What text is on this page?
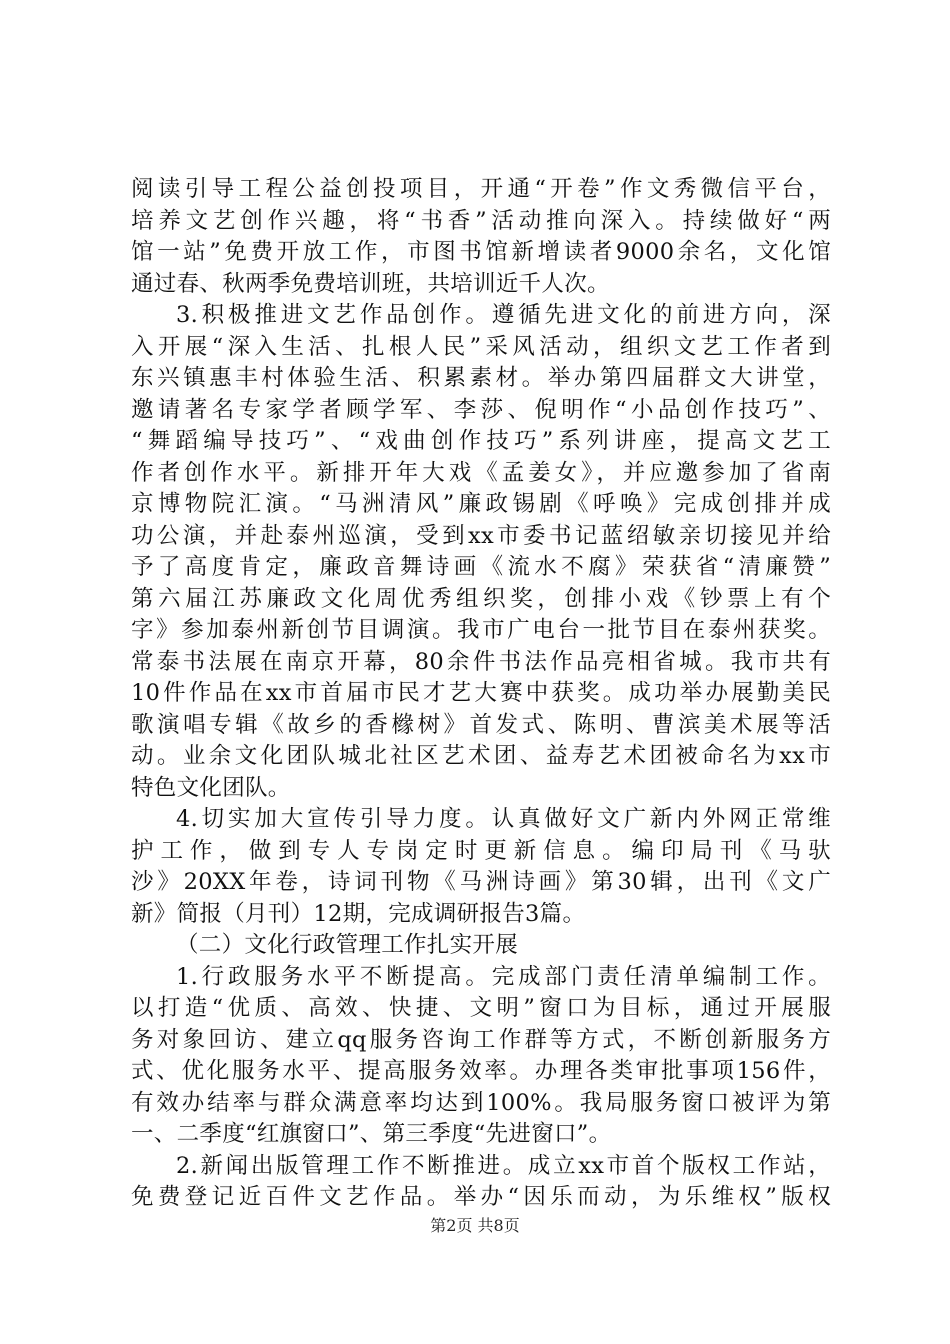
阅读引导工程公益创投项目，开通“开卷”作文秀微信平台，
培养文艺创作兴趣，将“书香”活动推向深入。持续做好“两
馆一站”免费开放工作，市图书馆新增读者9000余名，文化馆
通过春、秋两季免费培训班，共培训近千人次。
3.积极推进文艺作品创作。遵循先进文化的前进方向，深
入开展“深入生活、扎根人民”采风活动，组织文艺工作者到
东兴镇惠丰村体验生活、积累素材。举办第四届群文大讲堂，
邀请著名专家学者顾学军、李莎、倪明作“小品创作技巧”、
“舞蹈编导技巧”、“戏曲创作技巧”系列讲座，提高文艺工
作者创作水平。新排开年大戏《孟姜女》，并应邀参加了省南
京博物院汇演。“马洲清风”廉政锡剧《呼唤》完成创排并成
功公演，并赴泰州巡演，受到xx市委书记蓝绍敏亲切接见并给
予了高度肯定，廉政音舞诗画《流水不腐》荣获省“清廉赞”
第六届江苏廉政文化周优秀组织奖，创排小戏《钞票上有个
字》参加泰州新创节目调演。我市广电台一批节目在泰州获奖。
常泰书法展在南京开幕，80余件书法作品亮相省城。我市共有
10件作品在xx市首届市民才艺大赛中获奖。成功举办展勤美民
歌演唱专辑《故乡的香橼树》首发式、陈明、曹滨美术展等活
动。业余文化团队城北社区艺术团、益寿艺术团被命名为xx市
特色文化团队。
4.切实加大宣传引导力度。认真做好文广新内外网正常维
护工作，做到专人专岗定时更新信息。编印局刊《马驮
沙》20XX年卷，诗词刊物《马洲诗画》第30辑，出刊《文广
新》简报（月刊）12期，完成调研报告3篇。
（二）文化行政管理工作扎实开展
1.行政服务水平不断提高。完成部门责任清单编制工作。
以打造“优质、高效、快捷、文明”窗口为目标，通过开展服
务对象回访、建立qq服务咨询工作群等方式，不断创新服务方
式、优化服务水平、提高服务效率。办理各类审批事项156件，
有效办结率与群众满意率均达到100%。我局服务窗口被评为第
一、二季度“红旗窗口”、第三季度“先进窗口”。
2.新闻出版管理工作不断推进。成立xx市首个版权工作站，
免费登记近百件文艺作品。举办“因乐而动，为乐维权”版权
第2页 共8页
